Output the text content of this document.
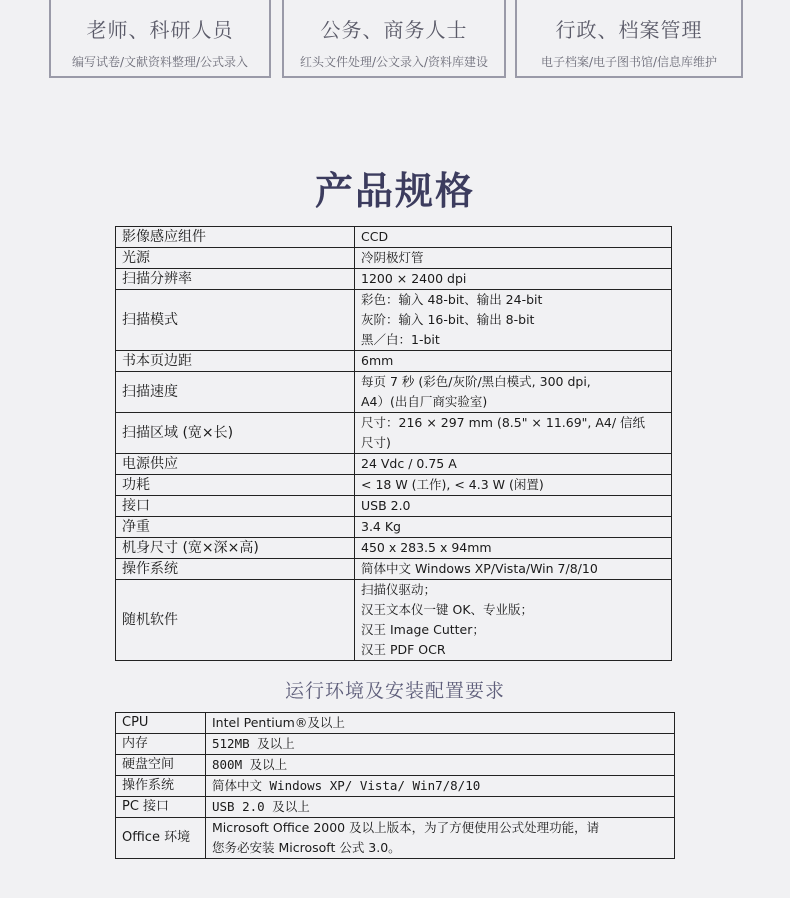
老师、科研人员
编写试卷/文献资料整理/公式录入
公务、商务人士
红头文件处理/公文录入/资料库建设
行政、档案管理
电子档案/电子图书馆/信息库维护
产品规格
影像感应组件	CCD
光源	冷阴极灯管
扫描分辨率	1200 × 2400 dpi
扫描模式	彩色：输入 48-bit、输出 24-bit
灰阶：输入 16-bit、输出 8-bit
黑／白：1-bit

书本页边距	6mm
扫描速度	每页 7 秒 (彩色/灰阶/黑白模式, 300 dpi,
A4）(出自厂商实验室)

扫描区域 (宽×长)	尺寸：216 × 297 mm (8.5" × 11.69", A4/ 信纸
尺寸)

电源供应	24 Vdc / 0.75 A
功耗	< 18 W (工作), < 4.3 W (闲置)
接口	USB 2.0
净重	3.4 Kg
机身尺寸 (宽×深×高)	450 x 283.5 x 94mm
操作系统	简体中文 Windows XP/Vista/Win 7/8/10
随机软件	扫描仪驱动；
汉王文本仪一键 OK、专业版；
汉王 Image Cutter；
汉王 PDF OCR
运行环境及安装配置要求
CPU	Intel Pentium®及以上
内存	512MB 及以上
硬盘空间	800M 及以上
操作系统	简体中文 Windows XP/ Vista/ Win7/8/10
PC 接口	USB 2.0 及以上
Office 环境	Microsoft Office 2000 及以上版本，为了方便使用公式处理功能，请
您务必安装 Microsoft 公式 3.0。
